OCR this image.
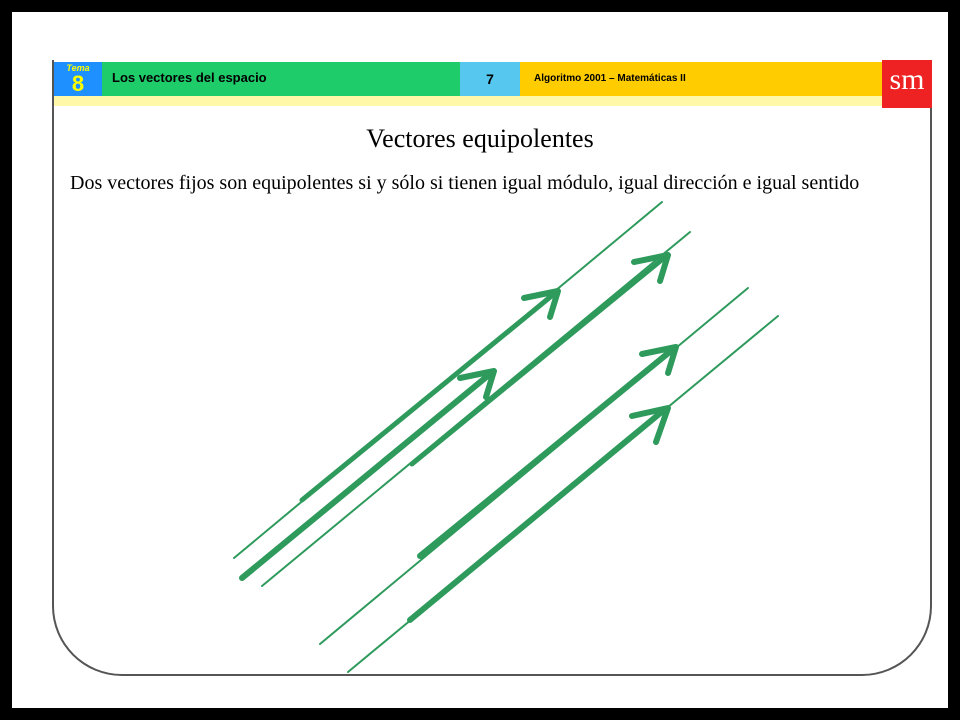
Tema
8	Los vectores del espacio	7	Algoritmo 2001 – Matemáticas II	sm
Vectores equipolentes
Dos vectores fijos son equipolentes si y sólo si tienen igual módulo, igual dirección e igual sentido
